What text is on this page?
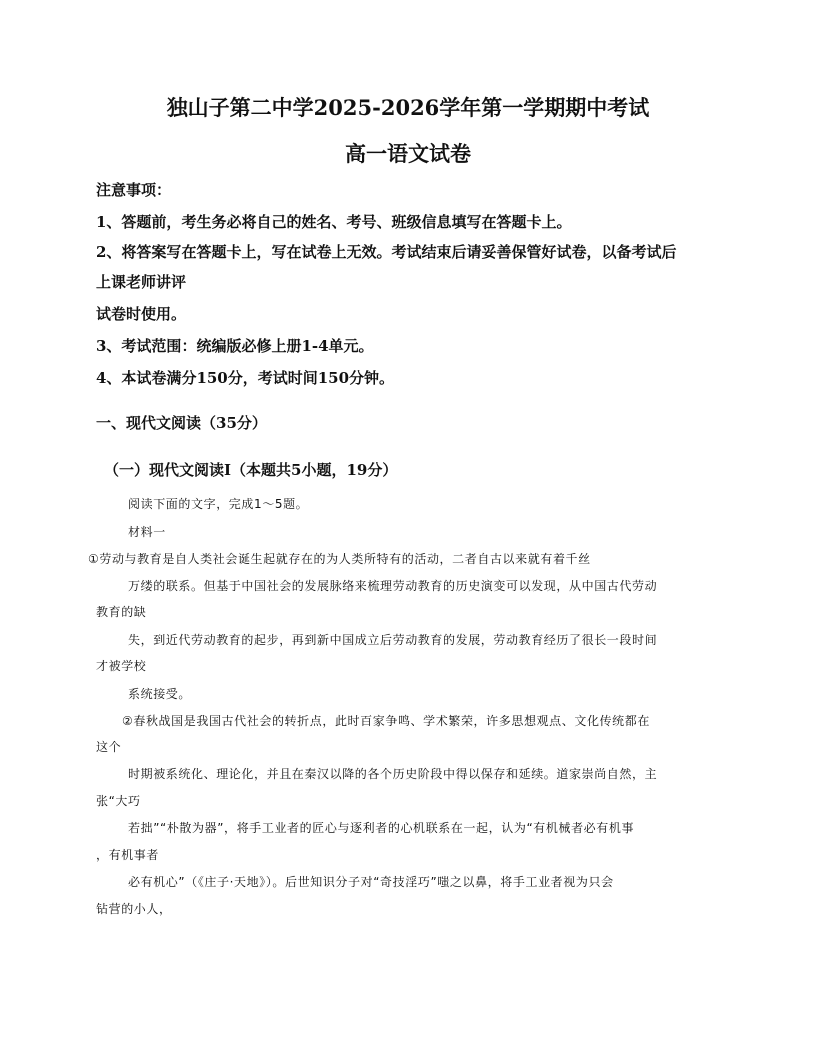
独山子第二中学2025-2026学年第一学期期中考试
高一语文试卷
注意事项：
1、答题前，考生务必将自己的姓名、考号、班级信息填写在答题卡上。
2、将答案写在答题卡上，写在试卷上无效。考试结束后请妥善保管好试卷，以备考试后
上课老师讲评
试卷时使用。
3、考试范围：统编版必修上册1-4单元。
4、本试卷满分150分，考试时间150分钟。
一、现代文阅读（35分）
（一）现代文阅读Ⅰ（本题共5小题，19分）
阅读下面的文字，完成1～5题。
材料一
①劳动与教育是自人类社会诞生起就存在的为人类所特有的活动，二者自古以来就有着千丝
万缕的联系。但基于中国社会的发展脉络来梳理劳动教育的历史演变可以发现，从中国古代劳动
教育的缺
失，到近代劳动教育的起步，再到新中国成立后劳动教育的发展，劳动教育经历了很长一段时间
才被学校
系统接受。
②春秋战国是我国古代社会的转折点，此时百家争鸣、学术繁荣，许多思想观点、文化传统都在
这个
时期被系统化、理论化，并且在秦汉以降的各个历史阶段中得以保存和延续。道家崇尚自然，主
张“大巧
若拙”“朴散为器”，将手工业者的匠心与逐利者的心机联系在一起，认为“有机械者必有机事
，有机事者
必有机心”（《庄子·天地》）。后世知识分子对“奇技淫巧”嗤之以鼻，将手工业者视为只会
钻营的小人，
